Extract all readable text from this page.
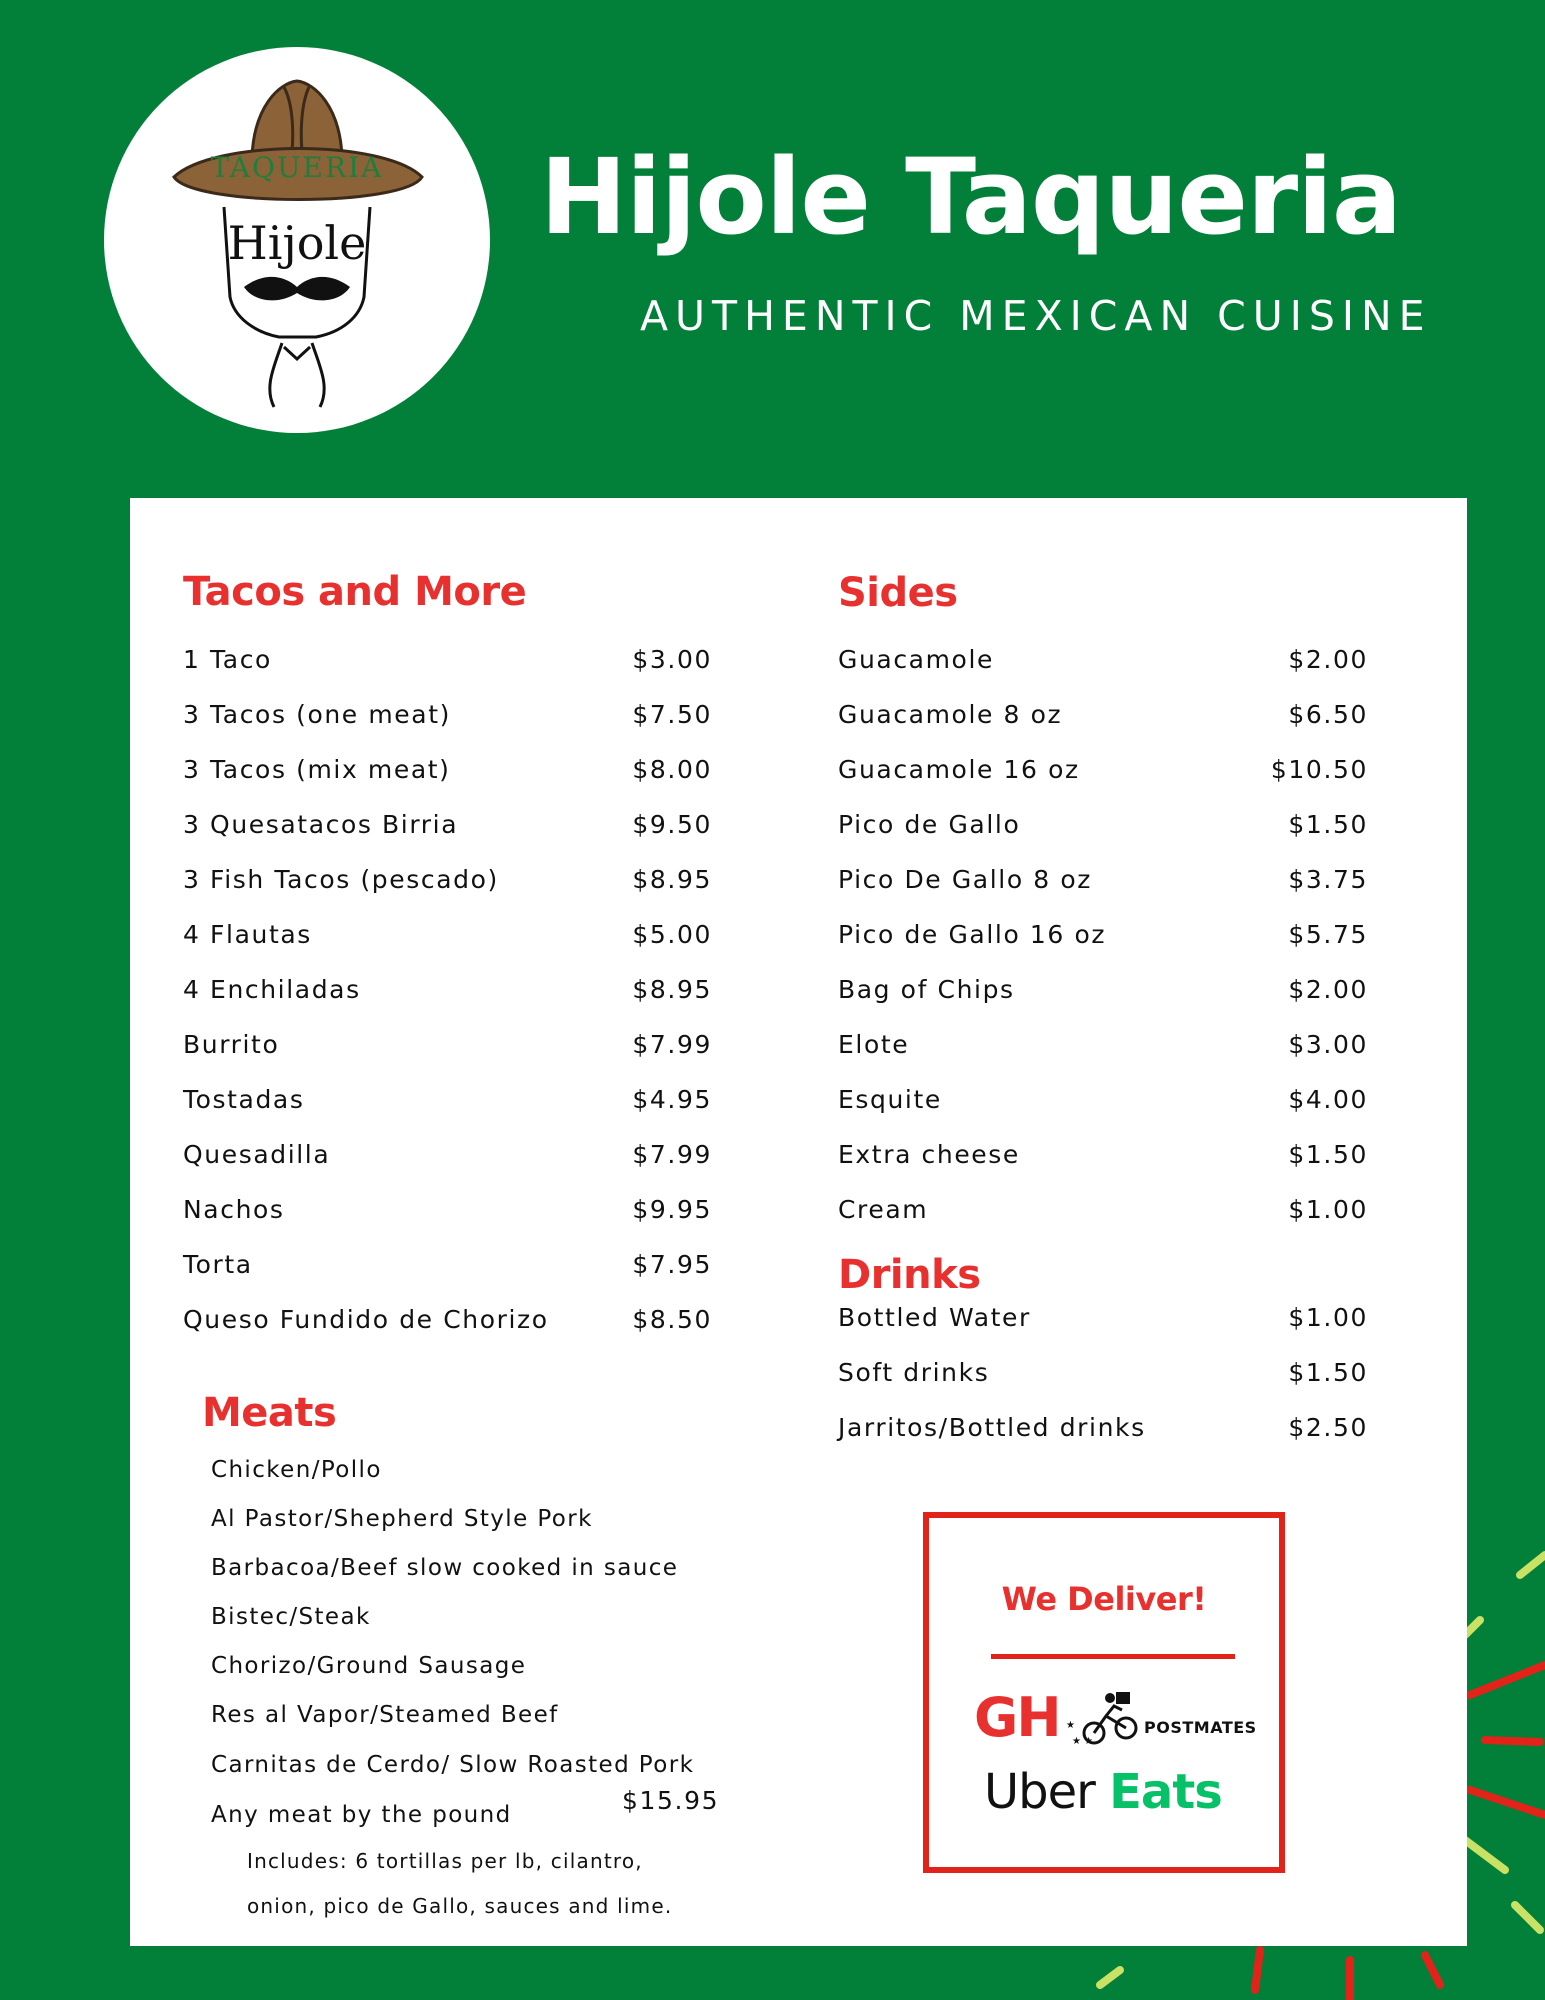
TAQUERIA
Hijole Hijole Taqueria
AUTHENTIC MEXICAN CUISINE
Tacos and More
1 Taco	$3.00
3 Tacos (one meat)	$7.50
3 Tacos (mix meat)	$8.00
3 Quesatacos Birria	$9.50
3 Fish Tacos (pescado)	$8.95
4 Flautas	$5.00
4 Enchiladas	$8.95
Burrito	$7.99
Tostadas	$4.95
Quesadilla	$7.99
Nachos	$9.95
Torta	$7.95
Queso Fundido de Chorizo	$8.50
Meats
Chicken/Pollo
Al Pastor/Shepherd Style Pork
Barbacoa/Beef slow cooked in sauce
Bistec/Steak
Chorizo/Ground Sausage
Res al Vapor/Steamed Beef
Carnitas de Cerdo/ Slow Roasted Pork
Any meat by the pound	$15.95
Includes: 6 tortillas per lb, cilantro,
onion, pico de Gallo, sauces and lime.
Sides
Guacamole	$2.00
Guacamole 8 oz	$6.50
Guacamole 16 oz	$10.50
Pico de Gallo	$1.50
Pico De Gallo 8 oz	$3.75
Pico de Gallo 16 oz	$5.75
Bag of Chips	$2.00
Elote	$3.00
Esquite	$4.00
Extra cheese	$1.50
Cream	$1.00
Drinks
Bottled Water	$1.00
Soft drinks	$1.50
Jarritos/Bottled drinks	$2.50
We Deliver!
GH ★
★ ★
POSTMATES
Uber Eats
